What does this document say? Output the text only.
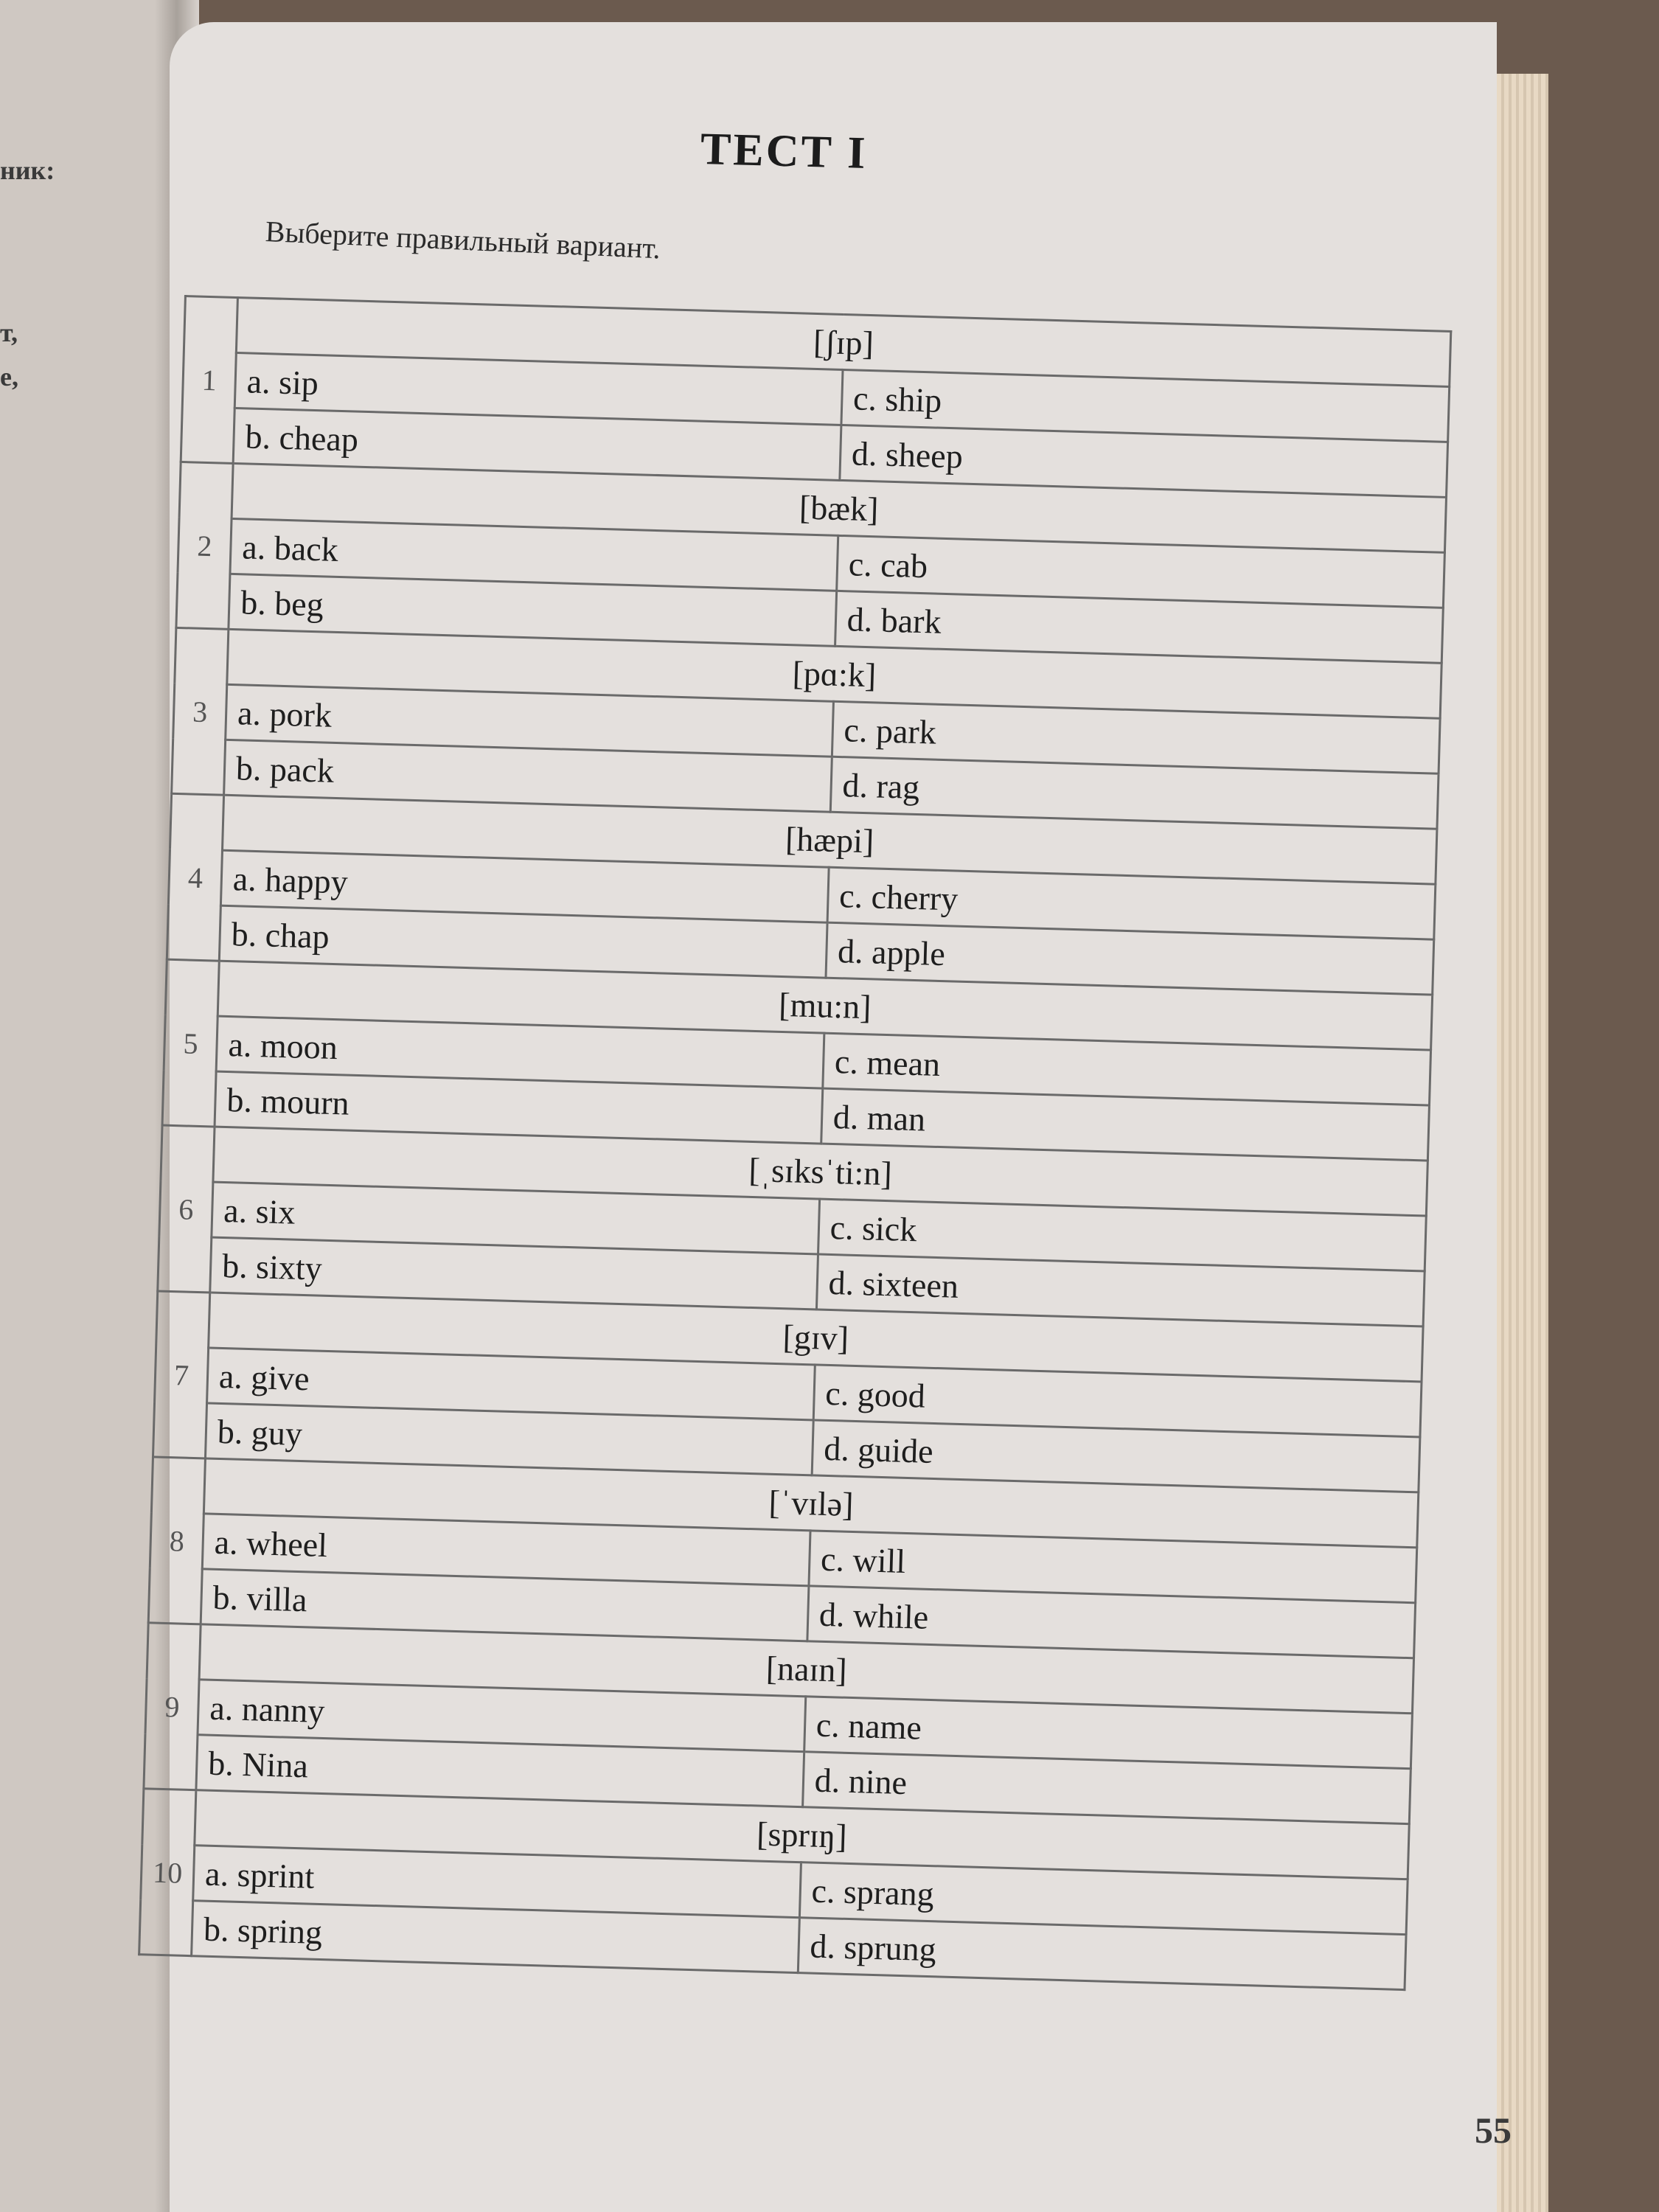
ник:
т,
е,
ТЕСТ I
Выберите правильный вариант.
1	[ʃɪp]	
	a. sip	c. ship
	b. cheap	d. sheep
2	[bæk]	
	a. back	c. cab
	b. beg	d. bark
3	[pɑ:k]	
	a. pork	c. park
	b. pack	d. rag
4	[hæpi]	
	a. happy	c. cherry
	b. chap	d. apple
5	[mu:n]	
	a. moon	c. mean
	b. mourn	d. man
6	[ˌsɪksˈti:n]	
	a. six	c. sick
	b. sixty	d. sixteen
7	[gɪv]	
	a. give	c. good
	b. guy	d. guide
8	[ˈvɪlə]	
	a. wheel	c. will
	b. villa	d. while
9	[naɪn]	
	a. nanny	c. name
	b. Nina	d. nine
10	[sprɪŋ]	
	a. sprint	c. sprang
	b. spring	d. sprung
55
